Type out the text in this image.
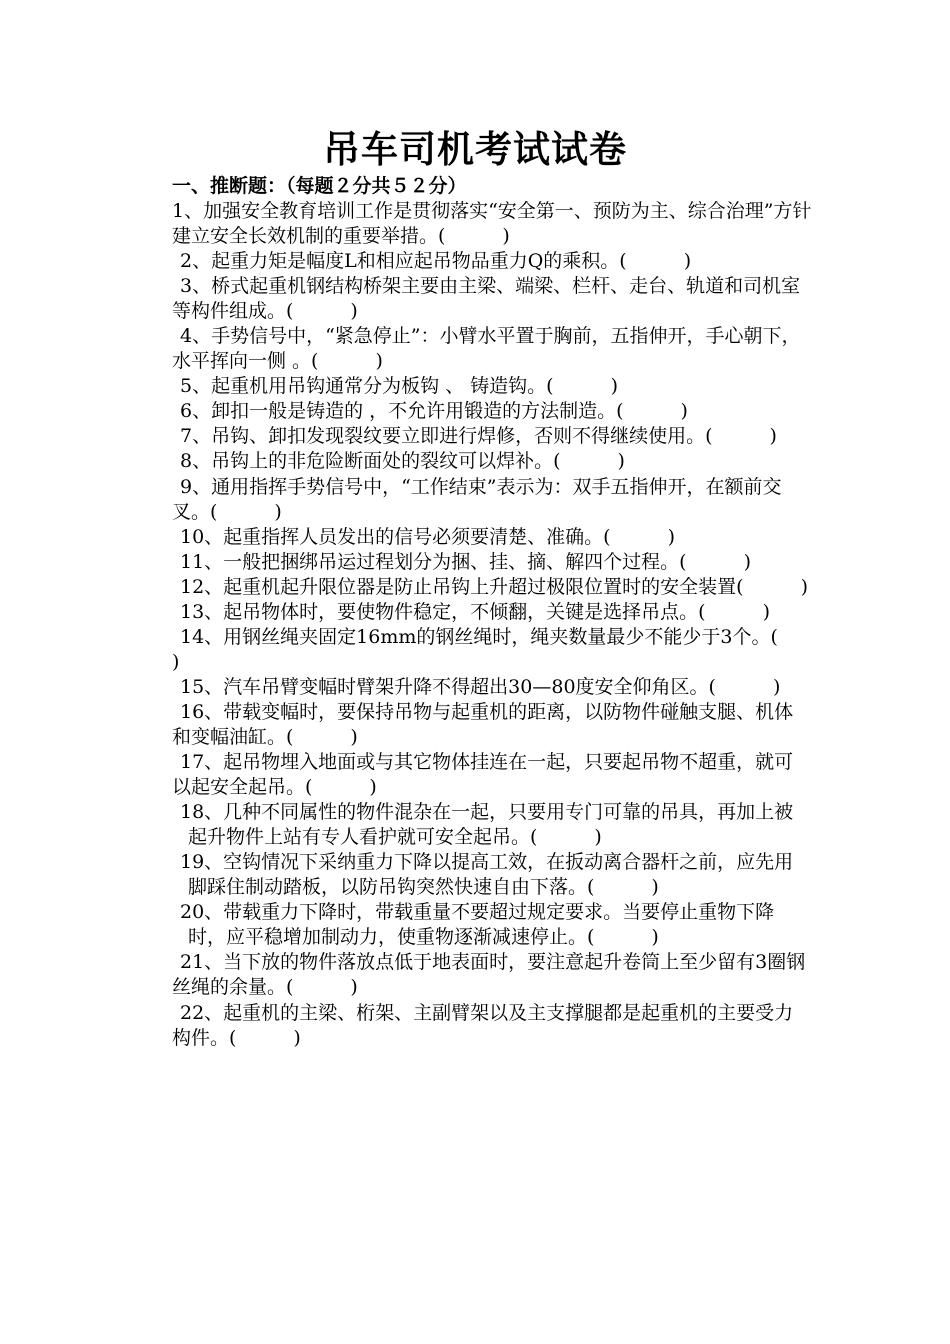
吊车司机考试试卷
一、推断题：（每题２分共５２分）
1、加强安全教育培训工作是贯彻落实“安全第一、预防为主、综合治理”方针建立安全长效机制的重要举措。(　　　)
2、起重力矩是幅度L和相应起吊物品重力Q的乘积。(　　　)
3、桥式起重机钢结构桥架主要由主梁、端梁、栏杆、走台、轨道和司机室等构件组成。(　　　)
4、手势信号中，“紧急停止”：小臂水平置于胸前，五指伸开，手心朝下，水平挥向一侧 。(　　　)
5、起重机用吊钩通常分为板钩 、 铸造钩。(　　　)
6、卸扣一般是铸造的 ，不允许用锻造的方法制造。(　　　)
7、吊钩、卸扣发现裂纹要立即进行焊修，否则不得继续使用。(　　　)
8、吊钩上的非危险断面处的裂纹可以焊补。(　　　)
9、通用指挥手势信号中，“工作结束”表示为：双手五指伸开，在额前交叉。(　　　)
10、起重指挥人员发出的信号必须要清楚、准确。(　　　)
11、一般把捆绑吊运过程划分为捆、挂、摘、解四个过程。(　　　)
12、起重机起升限位器是防止吊钩上升超过极限位置时的安全装置(　　　)
13、起吊物体时，要使物件稳定，不倾翻，关键是选择吊点。(　　　)
14、用钢丝绳夹固定16mm的钢丝绳时，绳夹数量最少不能少于3个。(　　　)
15、汽车吊臂变幅时臂架升降不得超出30—80度安全仰角区。(　　　)
16、带载变幅时，要保持吊物与起重机的距离，以防物件碰触支腿、机体和变幅油缸。(　　　)
17、起吊物埋入地面或与其它物体挂连在一起，只要起吊物不超重，就可以起安全起吊。(　　　)
18、几种不同属性的物件混杂在一起，只要用专门可靠的吊具，再加上被起升物件上站有专人看护就可安全起吊。(　　　)
19、空钩情况下采纳重力下降以提高工效，在扳动离合器杆之前，应先用脚踩住制动踏板，以防吊钩突然快速自由下落。(　　　)
20、带载重力下降时，带载重量不要超过规定要求。当要停止重物下降时，应平稳增加制动力，使重物逐渐减速停止。(　　　)
21、当下放的物件落放点低于地表面时，要注意起升卷筒上至少留有3圈钢丝绳的余量。(　　　)
22、起重机的主梁、桁架、主副臂架以及主支撑腿都是起重机的主要受力构件。(　　　)
